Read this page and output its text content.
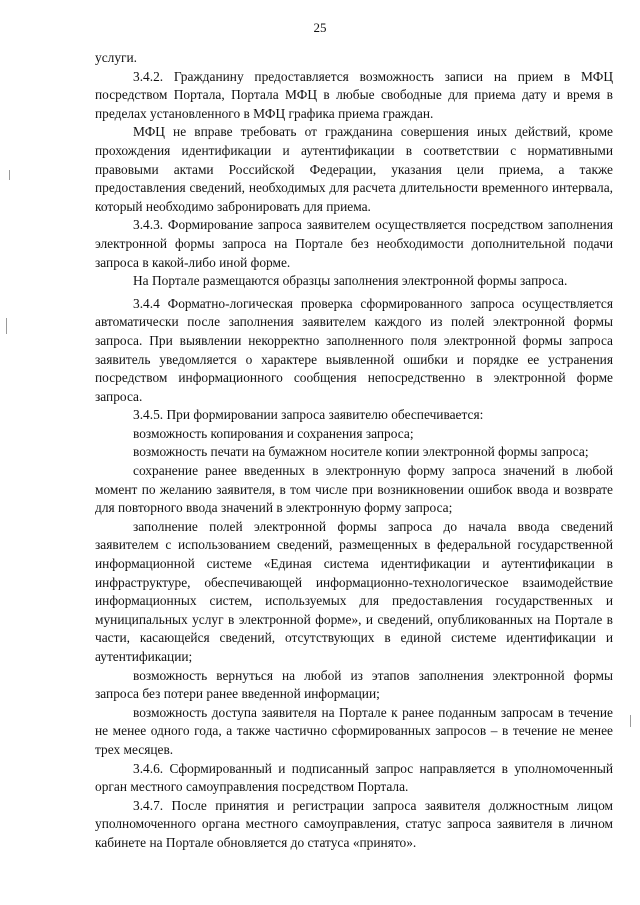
25

услуги.

3.4.2. Гражданину предоставляется возможность записи на прием в МФЦ посредством Портала, Портала МФЦ в любые свободные для приема дату и время в пределах установленного в МФЦ графика приема граждан.

МФЦ не вправе требовать от гражданина совершения иных действий, кроме прохождения идентификации и аутентификации в соответствии с нормативными правовыми актами Российской Федерации, указания цели приема, а также предоставления сведений, необходимых для расчета длительности временного интервала, который необходимо забронировать для приема.

3.4.3. Формирование запроса заявителем осуществляется посредством заполнения электронной формы запроса на Портале без необходимости дополнительной подачи запроса в какой-либо иной форме.

На Портале размещаются образцы заполнения электронной формы запроса.

3.4.4 Форматно-логическая проверка сформированного запроса осуществляется автоматически после заполнения заявителем каждого из полей электронной формы запроса. При выявлении некорректно заполненного поля электронной формы запроса заявитель уведомляется о характере выявленной ошибки и порядке ее устранения посредством информационного сообщения непосредственно в электронной форме запроса.

3.4.5. При формировании запроса заявителю обеспечивается:

возможность копирования и сохранения запроса;

возможность печати на бумажном носителе копии электронной формы запроса;

сохранение ранее введенных в электронную форму запроса значений в любой момент по желанию заявителя, в том числе при возникновении ошибок ввода и возврате для повторного ввода значений в электронную форму запроса;

заполнение полей электронной формы запроса до начала ввода сведений заявителем с использованием сведений, размещенных в федеральной государственной информационной системе «Единая система идентификации и аутентификации в инфраструктуре, обеспечивающей информационно-технологическое взаимодействие информационных систем, используемых для предоставления государственных и муниципальных услуг в электронной форме», и сведений, опубликованных на Портале в части, касающейся сведений, отсутствующих в единой системе идентификации и аутентификации;

возможность вернуться на любой из этапов заполнения электронной формы запроса без потери ранее введенной информации;

возможность доступа заявителя на Портале к ранее поданным запросам в течение не менее одного года, а также частично сформированных запросов – в течение не менее трех месяцев.

3.4.6. Сформированный и подписанный запрос направляется в уполномоченный орган местного самоуправления посредством Портала.

3.4.7. После принятия и регистрации запроса заявителя должностным лицом уполномоченного органа местного самоуправления, статус запроса заявителя в личном кабинете на Портале обновляется до статуса «принято».
